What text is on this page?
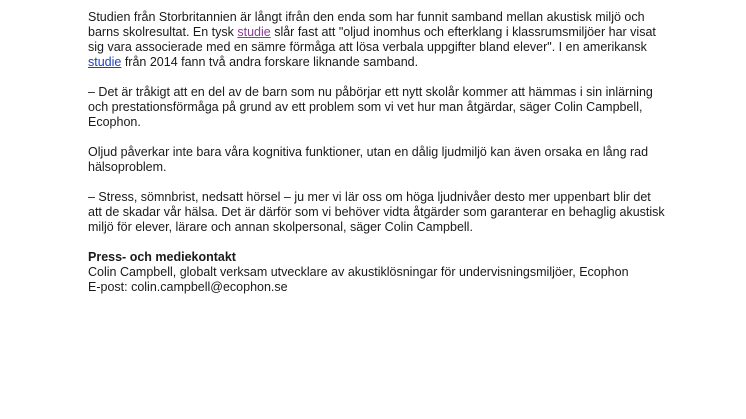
Studien från Storbritannien är långt ifrån den enda som har funnit samband mellan akustisk miljö och barns skolresultat. En tysk studie slår fast att "oljud inomhus och efterklang i klassrumsmiljöer har visat sig vara associerade med en sämre förmåga att lösa verbala uppgifter bland elever". I en amerikansk studie från 2014 fann två andra forskare liknande samband.

– Det är tråkigt att en del av de barn som nu påbörjar ett nytt skolår kommer att hämmas i sin inlärning och prestationsförmåga på grund av ett problem som vi vet hur man åtgärdar, säger Colin Campbell, Ecophon.

Oljud påverkar inte bara våra kognitiva funktioner, utan en dålig ljudmiljö kan även orsaka en lång rad hälsoproblem.

– Stress, sömnbrist, nedsatt hörsel – ju mer vi lär oss om höga ljudnivåer desto mer uppenbart blir det att de skadar vår hälsa. Det är därför som vi behöver vidta åtgärder som garanterar en behaglig akustisk miljö för elever, lärare och annan skolpersonal, säger Colin Campbell.

Press- och mediekontakt
Colin Campbell, globalt verksam utvecklare av akustiklösningar för undervisningsmiljöer, Ecophon
E-post: colin.campbell@ecophon.se
